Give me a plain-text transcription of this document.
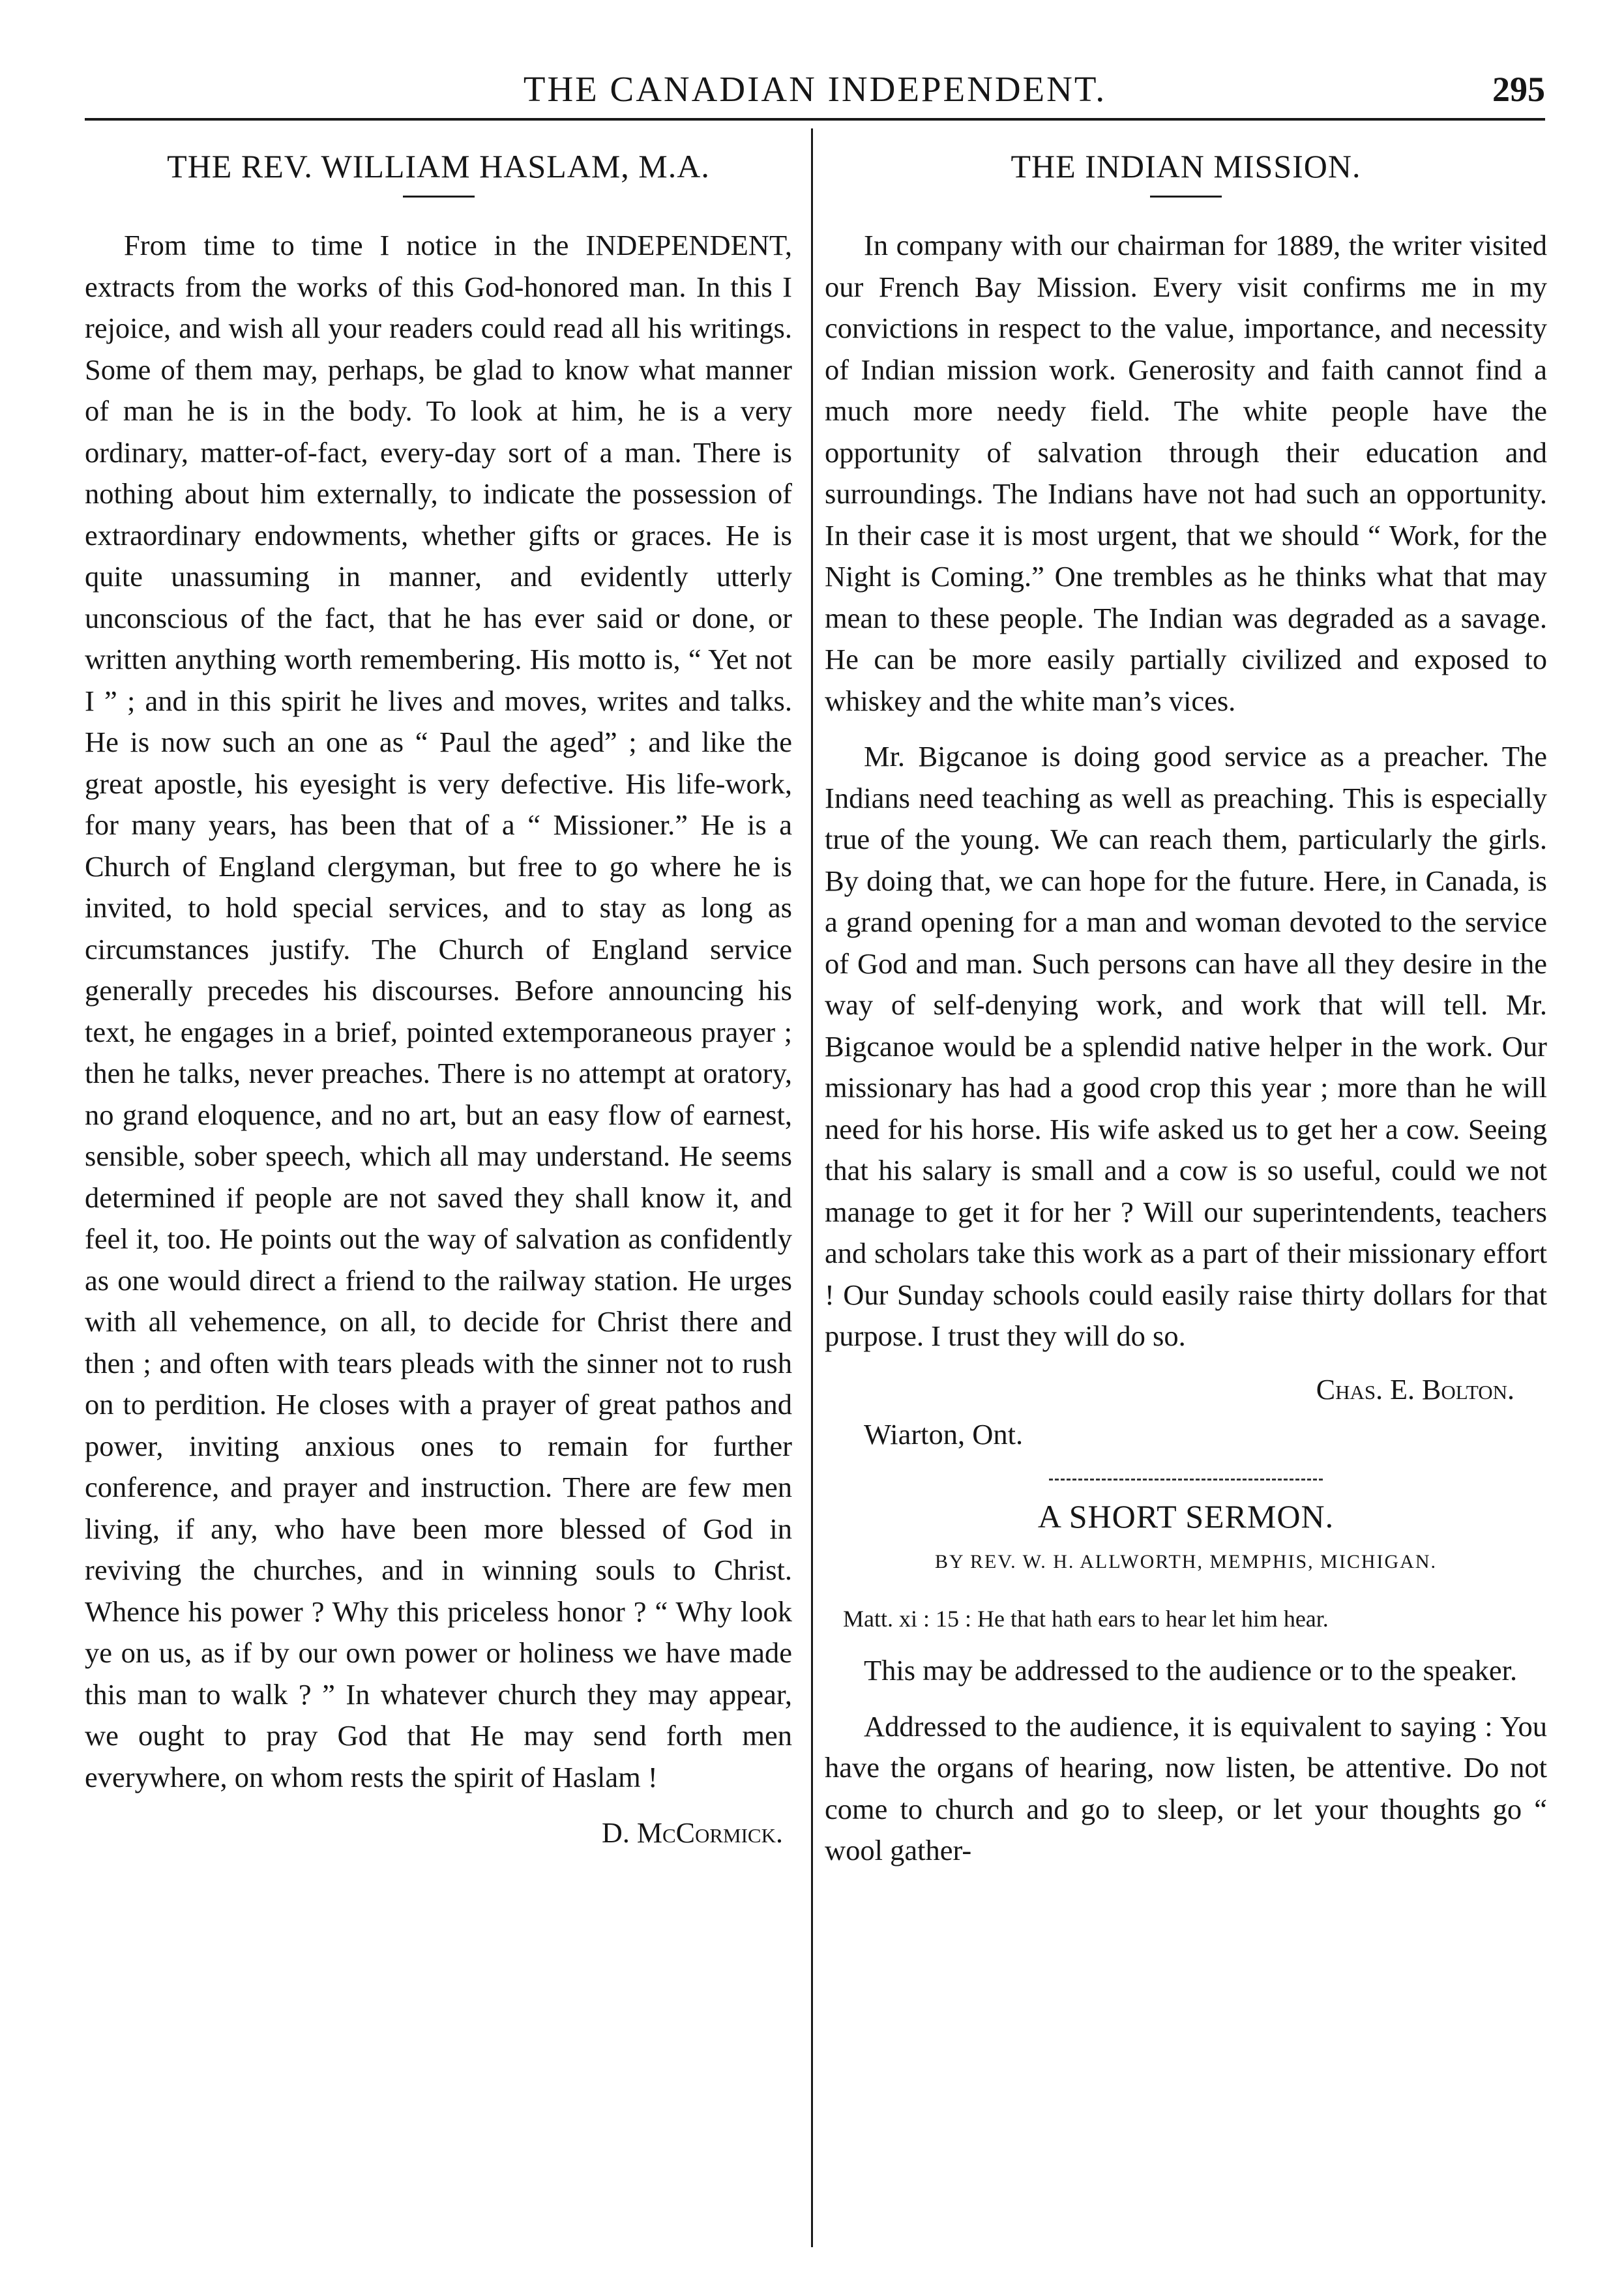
THE CANADIAN INDEPENDENT.	295
THE REV. WILLIAM HASLAM, M.A.

From time to time I notice in the INDEPENDENT, extracts from the works of this God-honored man. In this I rejoice, and wish all your readers could read all his writings. Some of them may, perhaps, be glad to know what manner of man he is in the body. To look at him, he is a very ordinary, matter-of-fact, every-day sort of a man. There is nothing about him externally, to indicate the possession of extraordinary endowments, whether gifts or graces. He is quite unassuming in manner, and evidently utterly unconscious of the fact, that he has ever said or done, or written anything worth remembering. His motto is, “ Yet not I ” ; and in this spirit he lives and moves, writes and talks. He is now such an one as “ Paul the aged” ; and like the great apostle, his eyesight is very defective. His life-work, for many years, has been that of a “ Missioner.” He is a Church of England clergyman, but free to go where he is invited, to hold special services, and to stay as long as circumstances justify. The Church of England service generally precedes his discourses. Before announcing his text, he engages in a brief, pointed extemporaneous prayer ; then he talks, never preaches. There is no attempt at oratory, no grand eloquence, and no art, but an easy flow of earnest, sensible, sober speech, which all may understand. He seems determined if people are not saved they shall know it, and feel it, too. He points out the way of salvation as confidently as one would direct a friend to the railway station. He urges with all vehemence, on all, to decide for Christ there and then ; and often with tears pleads with the sinner not to rush on to perdition. He closes with a prayer of great pathos and power, inviting anxious ones to remain for further conference, and prayer and instruction. There are few men living, if any, who have been more blessed of God in reviving the churches, and in winning souls to Christ. Whence his power ? Why this priceless honor ? “ Why look ye on us, as if by our own power or holiness we have made this man to walk ? ” In whatever church they may appear, we ought to pray God that He may send forth men everywhere, on whom rests the spirit of Haslam !

D. McCormick.
THE INDIAN MISSION.

In company with our chairman for 1889, the writer visited our French Bay Mission. Every visit confirms me in my convictions in respect to the value, importance, and necessity of Indian mission work. Generosity and faith cannot find a much more needy field. The white people have the opportunity of salvation through their education and surroundings. The Indians have not had such an opportunity. In their case it is most urgent, that we should “ Work, for the Night is Coming.” One trembles as he thinks what that may mean to these people. The Indian was degraded as a savage. He can be more easily partially civilized and exposed to whiskey and the white man’s vices.

Mr. Bigcanoe is doing good service as a preacher. The Indians need teaching as well as preaching. This is especially true of the young. We can reach them, particularly the girls. By doing that, we can hope for the future. Here, in Canada, is a grand opening for a man and woman devoted to the service of God and man. Such persons can have all they desire in the way of self-denying work, and work that will tell. Mr. Bigcanoe would be a splendid native helper in the work. Our missionary has had a good crop this year ; more than he will need for his horse. His wife asked us to get her a cow. Seeing that his salary is small and a cow is so useful, could we not manage to get it for her ? Will our superintendents, teachers and scholars take this work as a part of their missionary effort ! Our Sunday schools could easily raise thirty dollars for that purpose. I trust they will do so.

Chas. E. Bolton.
Wiarton, Ont.
A SHORT SERMON.
BY REV. W. H. ALLWORTH, MEMPHIS, MICHIGAN.
Matt. xi : 15 : He that hath ears to hear let him hear.

This may be addressed to the audience or to the speaker.

Addressed to the audience, it is equivalent to saying : You have the organs of hearing, now listen, be attentive. Do not come to church and go to sleep, or let your thoughts go “ wool gather-
